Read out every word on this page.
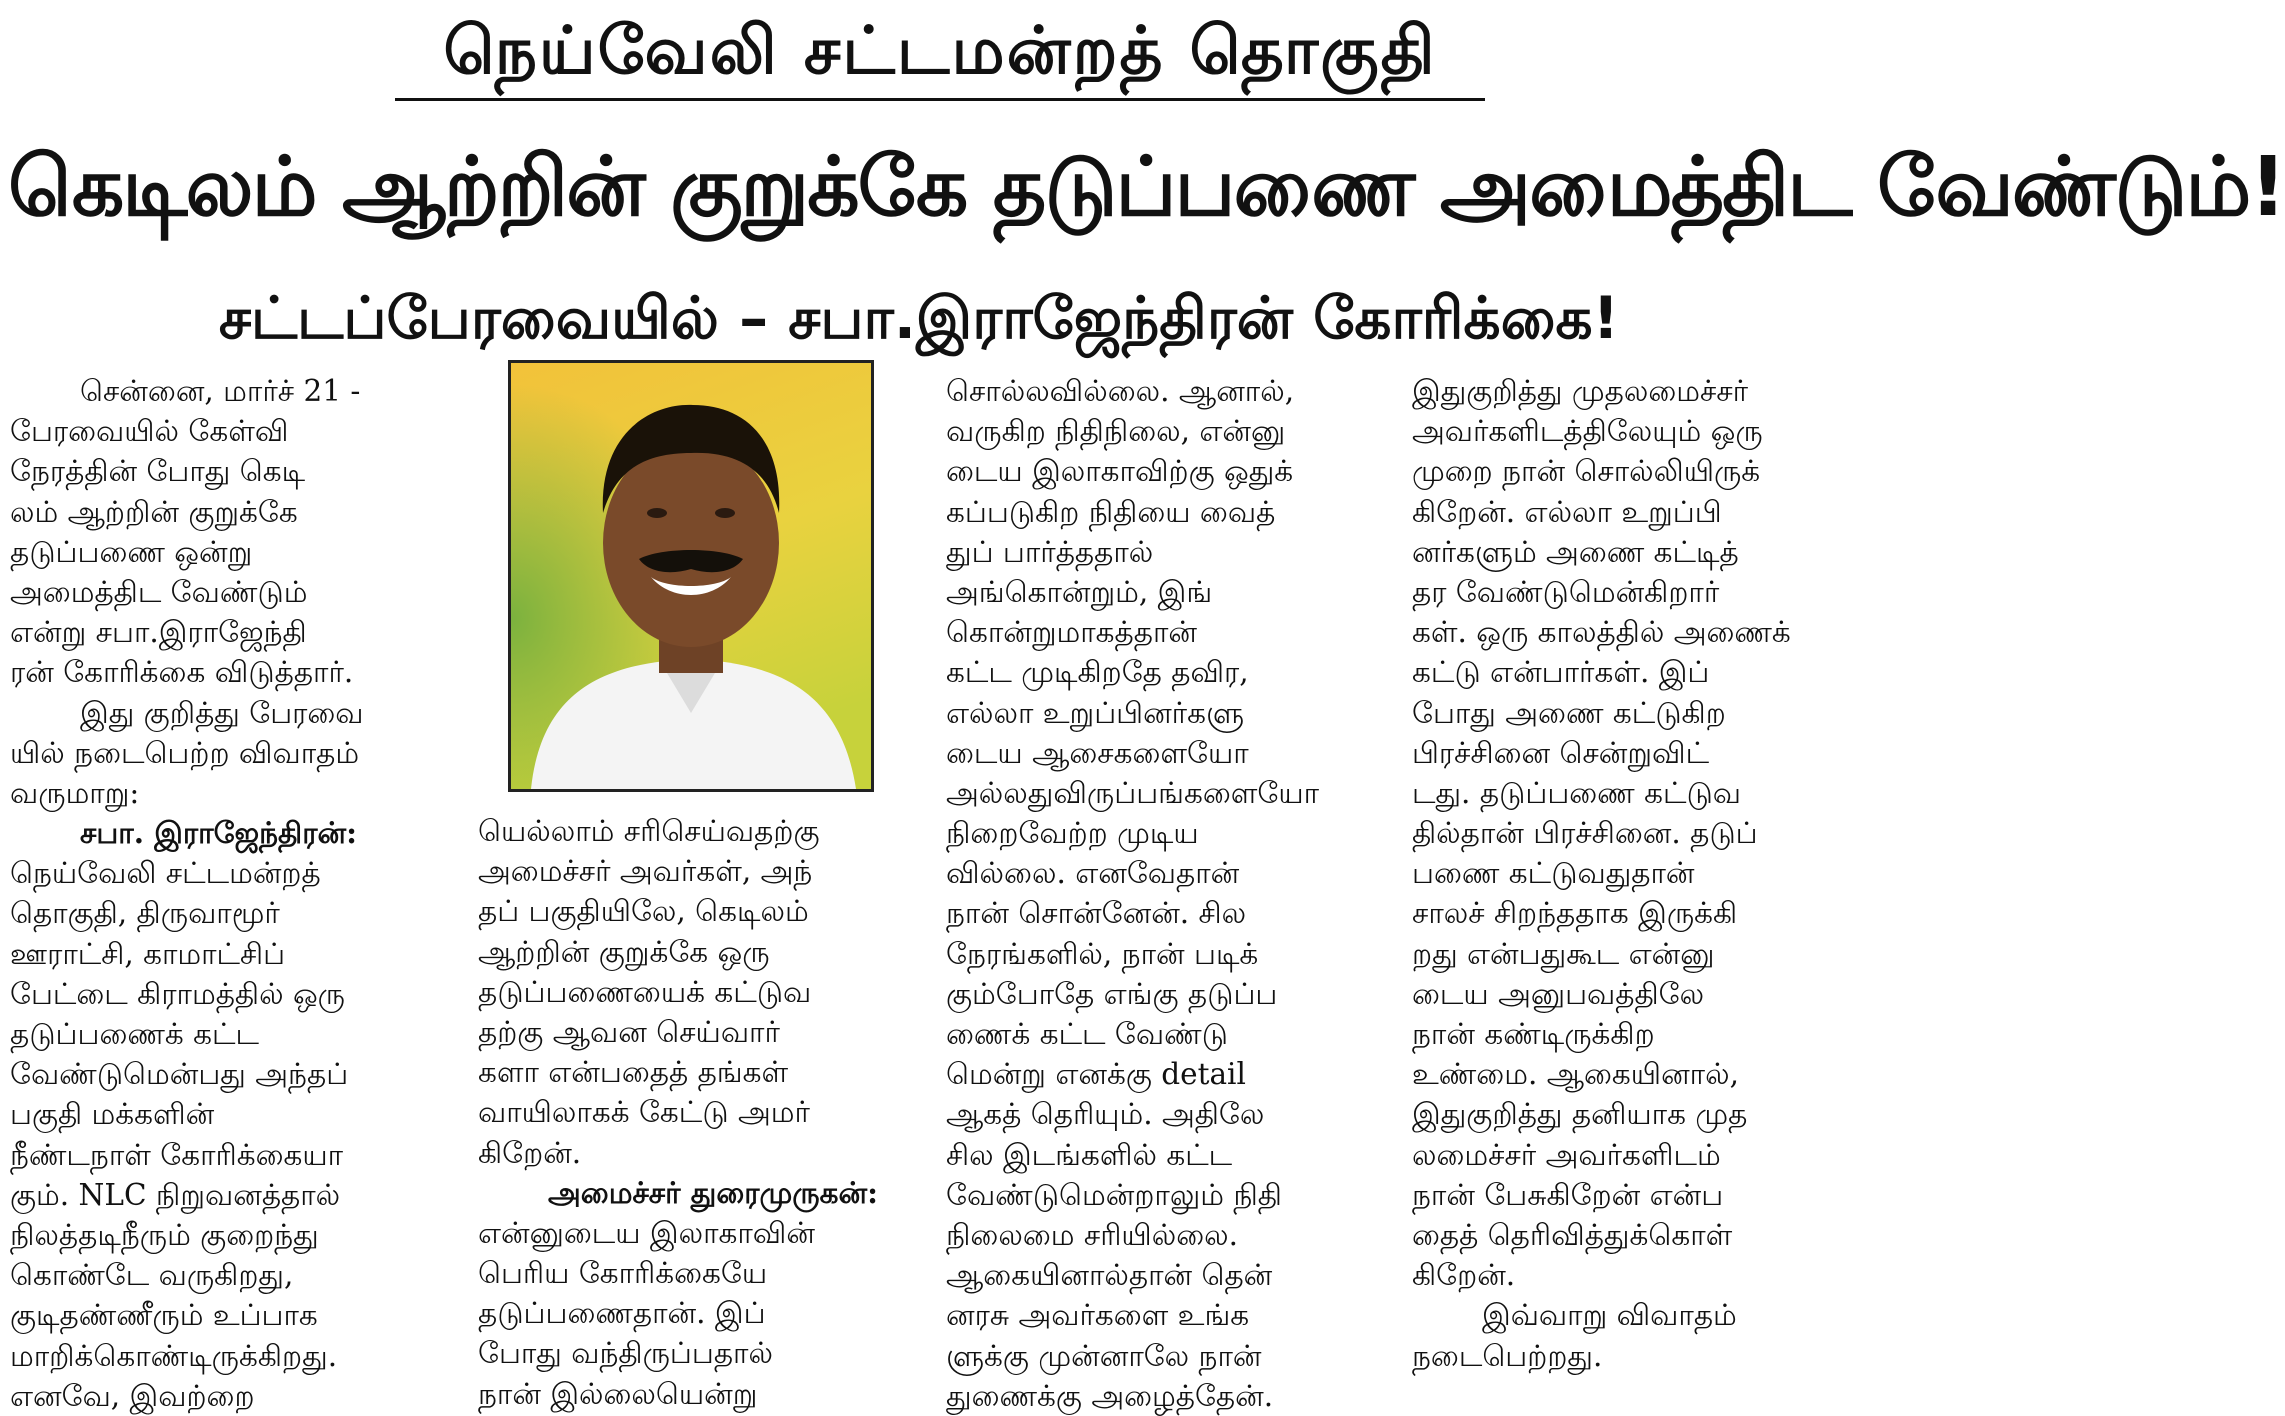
நெய்வேலி சட்டமன்றத் தொகுதி
கெடிலம் ஆற்றின் குறுக்கே தடுப்பணை அமைத்திட வேண்டும்!
சட்டப்பேரவையில் – சபா.இராஜேந்திரன் கோரிக்கை!
சென்னை, மார்ச் 21 -
பேரவையில் கேள்வி
நேரத்தின் போது கெடி
லம் ஆற்றின் குறுக்கே
தடுப்பணை ஒன்று
அமைத்திட வேண்டும்
என்று சபா.இராஜேந்தி
ரன் கோரிக்கை விடுத்தார்.
இது குறித்து பேரவை
யில் நடைபெற்ற விவாதம்
வருமாறு:
சபா. இராஜேந்திரன்:
நெய்வேலி சட்டமன்றத்
தொகுதி, திருவாமூர்
ஊராட்சி, காமாட்சிப்
பேட்டை கிராமத்தில் ஒரு
தடுப்பணைக் கட்ட
வேண்டுமென்பது அந்தப்
பகுதி மக்களின்
நீண்டநாள் கோரிக்கையா
கும். NLC நிறுவனத்தால்
நிலத்தடிநீரும் குறைந்து
கொண்டே வருகிறது,
குடிதண்ணீரும் உப்பாக
மாறிக்கொண்டிருக்கிறது.
எனவே, இவற்றை
யெல்லாம் சரிசெய்வதற்கு
அமைச்சர் அவர்கள், அந்
தப் பகுதியிலே, கெடிலம்
ஆற்றின் குறுக்கே ஒரு
தடுப்பணையைக் கட்டுவ
தற்கு ஆவன செய்வார்
களா என்பதைத் தங்கள்
வாயிலாகக் கேட்டு அமர்
கிறேன்.
அமைச்சர் துரைமுருகன்:
என்னுடைய இலாகாவின்
பெரிய கோரிக்கையே
தடுப்பணைதான். இப்
போது வந்திருப்பதால்
நான் இல்லையென்று
சொல்லவில்லை. ஆனால்,
வருகிற நிதிநிலை, என்னு
டைய இலாகாவிற்கு ஒதுக்
கப்படுகிற நிதியை வைத்
துப் பார்த்ததால்
அங்கொன்றும், இங்
கொன்றுமாகத்தான்
கட்ட முடிகிறதே தவிர,
எல்லா உறுப்பினர்களு
டைய ஆசைகளையோ
அல்லதுவிருப்பங்களையோ
நிறைவேற்ற முடிய
வில்லை. எனவேதான்
நான் சொன்னேன். சில
நேரங்களில், நான் படிக்
கும்போதே எங்கு தடுப்ப
ணைக் கட்ட வேண்டு
மென்று எனக்கு detail
ஆகத் தெரியும். அதிலே
சில இடங்களில் கட்ட
வேண்டுமென்றாலும் நிதி
நிலைமை சரியில்லை.
ஆகையினால்தான் தென்
னரசு அவர்களை உங்க
ளுக்கு முன்னாலே நான்
துணைக்கு அழைத்தேன்.
இதுகுறித்து முதலமைச்சர்
அவர்களிடத்திலேயும் ஒரு
முறை நான் சொல்லியிருக்
கிறேன். எல்லா உறுப்பி
னர்களும் அணை கட்டித்
தர வேண்டுமென்கிறார்
கள். ஒரு காலத்தில் அணைக்
கட்டு என்பார்கள். இப்
போது அணை கட்டுகிற
பிரச்சினை சென்றுவிட்
டது. தடுப்பணை கட்டுவ
தில்தான் பிரச்சினை. தடுப்
பணை கட்டுவதுதான்
சாலச் சிறந்ததாக இருக்கி
றது என்பதுகூட என்னு
டைய அனுபவத்திலே
நான் கண்டிருக்கிற
உண்மை. ஆகையினால்,
இதுகுறித்து தனியாக முத
லமைச்சர் அவர்களிடம்
நான் பேசுகிறேன் என்ப
தைத் தெரிவித்துக்கொள்
கிறேன்.
இவ்வாறு விவாதம்
நடைபெற்றது.
